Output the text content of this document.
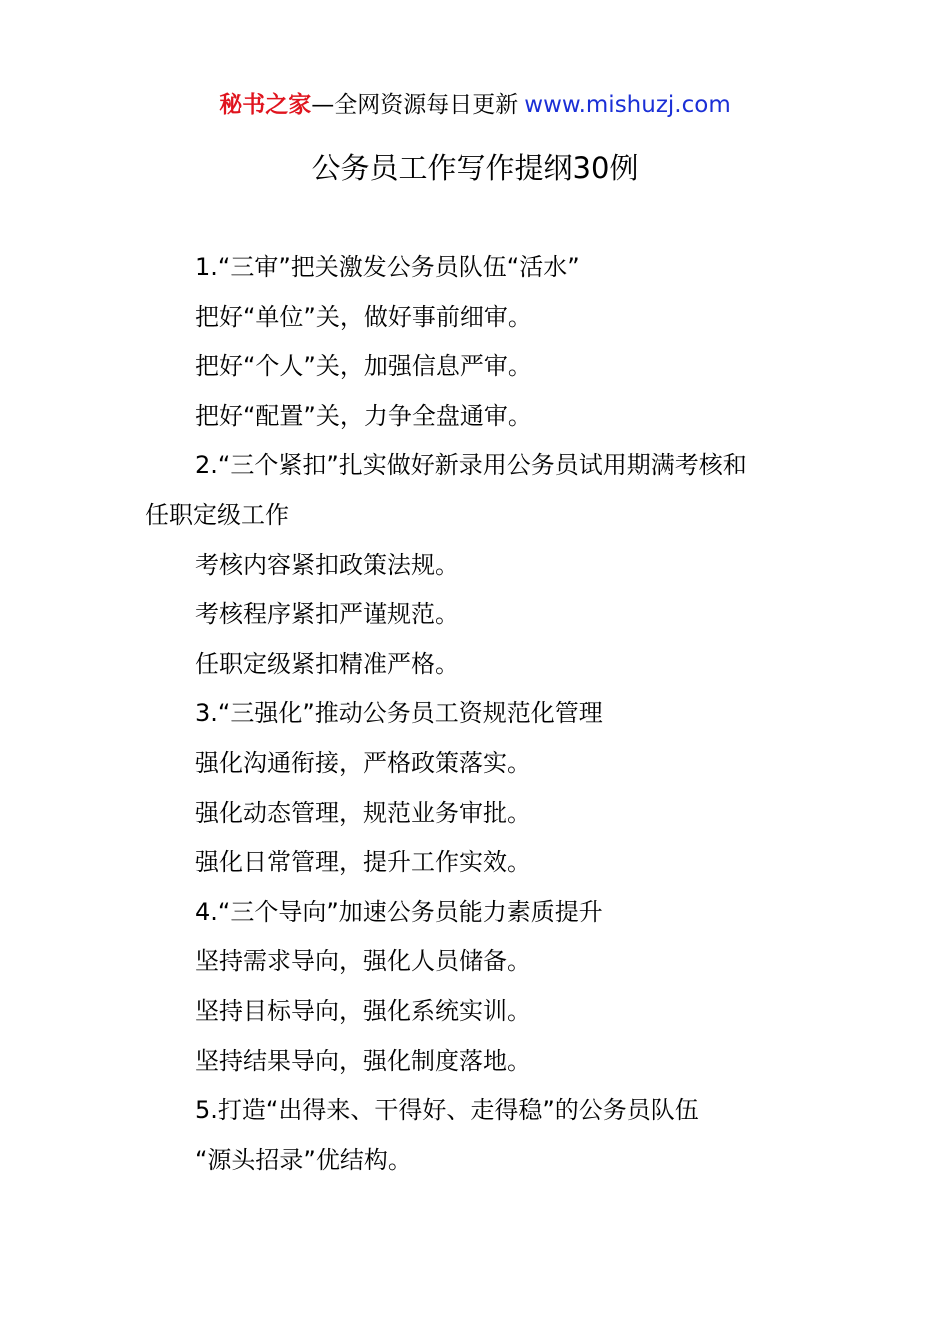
秘书之家—全网资源每日更新 www.mishuzj.com
公务员工作写作提纲30例

1.“三审”把关激发公务员队伍“活水”

把好“单位”关，做好事前细审。

把好“个人”关，加强信息严审。

把好“配置”关，力争全盘通审。

2.“三个紧扣”扎实做好新录用公务员试用期满考核和

任职定级工作

考核内容紧扣政策法规。

考核程序紧扣严谨规范。

任职定级紧扣精准严格。

3.“三强化”推动公务员工资规范化管理

强化沟通衔接，严格政策落实。

强化动态管理，规范业务审批。

强化日常管理，提升工作实效。

4.“三个导向”加速公务员能力素质提升

坚持需求导向，强化人员储备。

坚持目标导向，强化系统实训。

坚持结果导向，强化制度落地。

5.打造“出得来、干得好、走得稳”的公务员队伍

“源头招录”优结构。
